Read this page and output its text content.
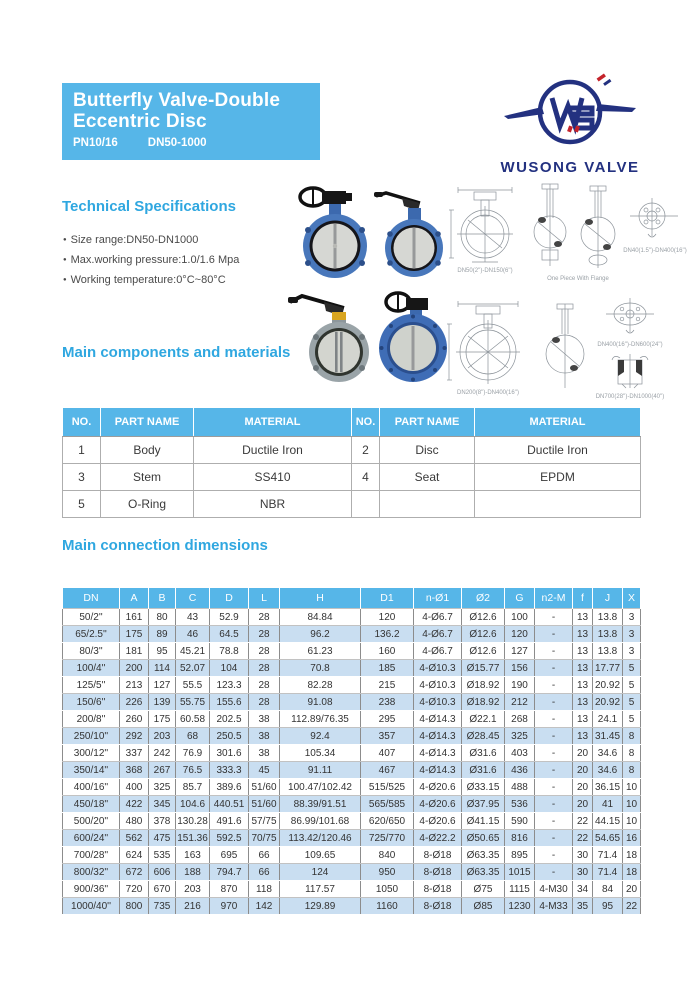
Butterfly Valve-Double
Eccentric Disc
PN10/16	DN50-1000
WUSONG VALVE
Technical Specifications
● Size range:DN50-DN1000
● Max.working pressure:1.0/1.6 Mpa
● Working temperature:0°C~80°C
DN50(2'')-DN150(6'')
One Piece With Flange
DN40(1.5'')-DN400(16'')
DN200(8'')-DN400(16'')
DN400(16'')-DN600(24'')
DN700(28'')-DN1000(40'')
Main components and materials
NO.	PART NAME	MATERIAL	NO.	PART NAME	MATERIAL
1	Body	Ductile Iron	2	Disc	Ductile Iron
3	Stem	SS410	4	Seat	EPDM
5	O-Ring	NBR			
Main connection dimensions
DN	A	B	C	D	L	H	D1	n-Ø1	Ø2	G	n2-M	f	J	X
50/2''	161	80	43	52.9	28	84.84	120	4-Ø6.7	Ø12.6	100	-	13	13.8	3
65/2.5''	175	89	46	64.5	28	96.2	136.2	4-Ø6.7	Ø12.6	120	-	13	13.8	3
80/3''	181	95	45.21	78.8	28	61.23	160	4-Ø6.7	Ø12.6	127	-	13	13.8	3
100/4''	200	114	52.07	104	28	70.8	185	4-Ø10.3	Ø15.77	156	-	13	17.77	5
125/5''	213	127	55.5	123.3	28	82.28	215	4-Ø10.3	Ø18.92	190	-	13	20.92	5
150/6''	226	139	55.75	155.6	28	91.08	238	4-Ø10.3	Ø18.92	212	-	13	20.92	5
200/8''	260	175	60.58	202.5	38	112.89/76.35	295	4-Ø14.3	Ø22.1	268	-	13	24.1	5
250/10''	292	203	68	250.5	38	92.4	357	4-Ø14.3	Ø28.45	325	-	13	31.45	8
300/12''	337	242	76.9	301.6	38	105.34	407	4-Ø14.3	Ø31.6	403	-	20	34.6	8
350/14''	368	267	76.5	333.3	45	91.11	467	4-Ø14.3	Ø31.6	436	-	20	34.6	8
400/16''	400	325	85.7	389.6	51/60	100.47/102.42	515/525	4-Ø20.6	Ø33.15	488	-	20	36.15	10
450/18''	422	345	104.6	440.51	51/60	88.39/91.51	565/585	4-Ø20.6	Ø37.95	536	-	20	41	10
500/20''	480	378	130.28	491.6	57/75	86.99/101.68	620/650	4-Ø20.6	Ø41.15	590	-	22	44.15	10
600/24''	562	475	151.36	592.5	70/75	113.42/120.46	725/770	4-Ø22.2	Ø50.65	816	-	22	54.65	16
700/28''	624	535	163	695	66	109.65	840	8-Ø18	Ø63.35	895	-	30	71.4	18
800/32''	672	606	188	794.7	66	124	950	8-Ø18	Ø63.35	1015	-	30	71.4	18
900/36''	720	670	203	870	118	117.57	1050	8-Ø18	Ø75	1115	4-M30	34	84	20
1000/40''	800	735	216	970	142	129.89	1160	8-Ø18	Ø85	1230	4-M33	35	95	22
